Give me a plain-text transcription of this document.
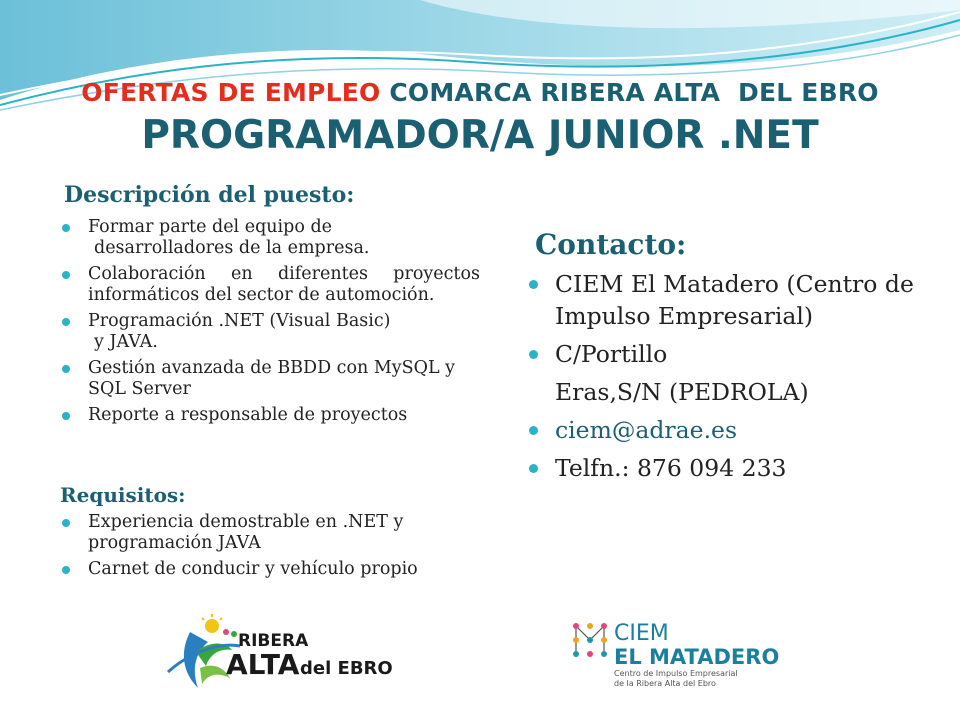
OFERTAS DE EMPLEO COMARCA RIBERA ALTA  DEL EBRO
PROGRAMADOR/A JUNIOR .NET
Descripción del puesto:
Formar parte del equipo de
desarrolladores de la empresa.
Colaboración en diferentes proyectos informáticos del sector de automoción.
Programación .NET (Visual Basic)
y JAVA.
Gestión avanzada de BBDD con MySQL y SQL Server
Reporte a responsable de proyectos
Requisitos:
Experiencia demostrable en .NET y programación JAVA
Carnet de conducir y vehículo propio
Contacto:
CIEM El Matadero (Centro de Impulso Empresarial)
C/Portillo
Eras,S/N (PEDROLA)
ciem@adrae.es
Telfn.: 876 094 233
RIBERA
ALTA del EBRO
CIEM
EL MATADERO
Centro de Impulso Empresarial
de la Ribera Alta del Ebro
